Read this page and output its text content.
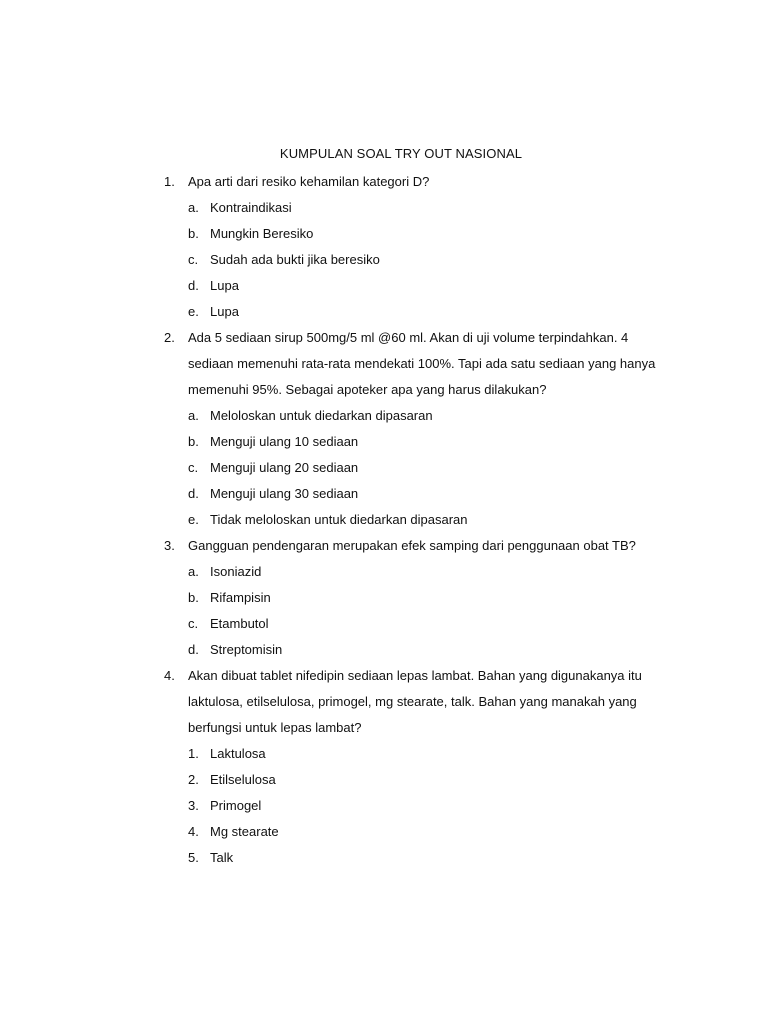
KUMPULAN SOAL TRY OUT NASIONAL
1. Apa arti dari resiko kehamilan kategori D?
a. Kontraindikasi
b. Mungkin Beresiko
c. Sudah ada bukti jika beresiko
d. Lupa
e. Lupa
2. Ada 5 sediaan sirup 500mg/5 ml @60 ml. Akan di uji volume terpindahkan. 4
sediaan memenuhi rata-rata mendekati 100%. Tapi ada satu sediaan yang hanya
memenuhi 95%. Sebagai apoteker apa yang harus dilakukan?
a. Meloloskan untuk diedarkan dipasaran
b. Menguji ulang 10 sediaan
c. Menguji ulang 20 sediaan
d. Menguji ulang 30 sediaan
e. Tidak meloloskan untuk diedarkan dipasaran
3. Gangguan pendengaran merupakan efek samping dari penggunaan obat TB?
a. Isoniazid
b. Rifampisin
c. Etambutol
d. Streptomisin
4. Akan dibuat tablet nifedipin sediaan lepas lambat. Bahan yang digunakanya itu
laktulosa, etilselulosa, primogel, mg stearate, talk. Bahan yang manakah yang
berfungsi untuk lepas lambat?
1. Laktulosa
2. Etilselulosa
3. Primogel
4. Mg stearate
5. Talk
